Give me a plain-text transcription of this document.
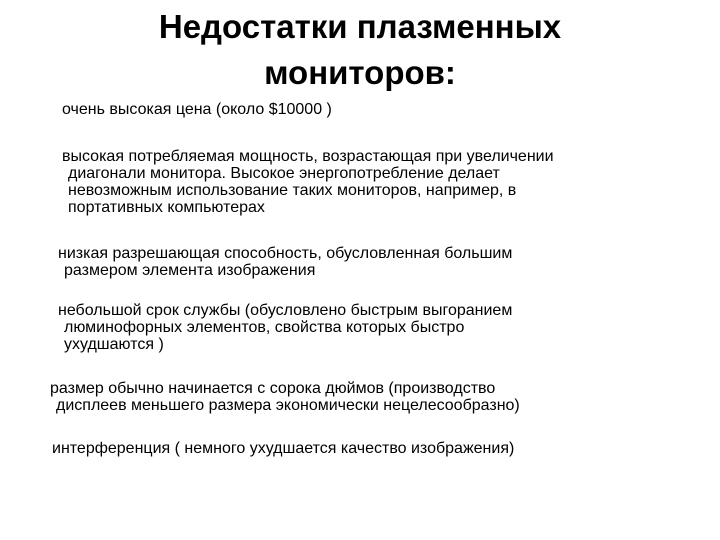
Недостатки плазменных
мониторов:

очень высокая цена (около $10000 )

высокая потребляемая мощность, возрастающая при увеличении
диагонали монитора. Высокое энергопотребление делает
невозможным использование таких мониторов, например, в
портативных компьютерах

низкая разрешающая способность, обусловленная большим
размером элемента изображения

небольшой срок службы (обусловлено быстрым выгоранием
люминофорных элементов, свойства которых быстро
ухудшаются )

размер обычно начинается с сорока дюймов (производство
дисплеев меньшего размера экономически нецелесообразно)

интерференция ( немного ухудшается качество изображения)
